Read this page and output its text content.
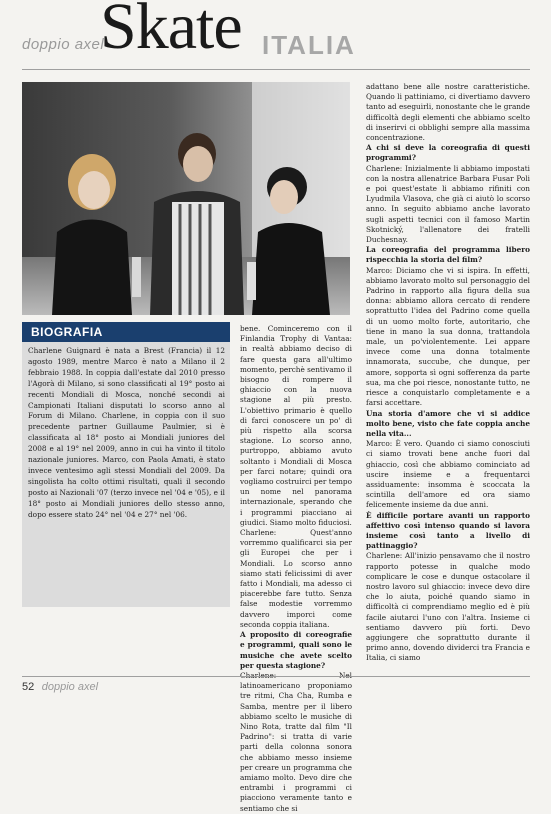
doppio axel
Skate ITALIA
BIOGRAFIA
Charlene Guignard è nata a Brest (Francia) il 12 agosto 1989, mentre Marco è nato a Milano il 2 febbraio 1988. In coppia dall'estate dal 2010 presso l'Agorà di Milano, si sono classificati al 19° posto ai recenti Mondiali di Mosca, nonché secondi ai Campionati Italiani disputati lo scorso anno al Forum di Milano. Charlene, in coppia con il suo precedente partner Guillaume Paulmier, si è classificata al 18° posto ai Mondiali juniores del 2008 e al 19° nel 2009, anno in cui ha vinto il titolo nazionale juniores. Marco, con Paola Amati, è stato invece ventesimo agli stessi Mondiali del 2009. Da singolista ha colto ottimi risultati, quali il secondo posto ai Nazionali '07 (terzo invece nel '04 e '05), e il 18° posto ai Mondiali juniores dello stesso anno, dopo essere stato 24° nel '04 e 27° nel '06.

bene. Cominceremo con il Finlandia Trophy di Vantaa: in realtà abbiamo deciso di fare questa gara all'ultimo momento, perchè sentivamo il bisogno di rompere il ghiaccio con la nuova stagione al più presto. L'obiettivo primario è quello di farci conoscere un po' di più rispetto alla scorsa stagione. Lo scorso anno, purtroppo, abbiamo avuto soltanto i Mondiali di Mosca per farci notare; quindi ora vogliamo costruirci per tempo un nome nel panorama internazionale, sperando che i programmi piacciano ai giudici. Siamo molto fiduciosi.

Charlene: Quest'anno vorremmo qualificarci sia per gli Europei che per i Mondiali. Lo scorso anno siamo stati felicissimi di aver fatto i Mondiali, ma adesso ci piacerebbe fare tutto. Senza false modestie vorremmo davvero imporci come seconda coppia italiana.

A proposito di coreografie e programmi, quali sono le musiche che avete scelto per questa stagione?

latinoamericano proponiamo tre ritmi, Cha Cha, Rumba e Samba, mentre per il libero abbiamo scelto le musiche di Nino Rota, tratte dal film "Il Padrino": si tratta di varie parti della colonna sonora che abbiamo messo insieme per creare un programma che amiamo molto. Devo dire che entrambi i programmi ci piacciono veramente tanto e sentiamo che si

adattano bene alle nostre caratteristiche. Quando li pattiniamo, ci divertiamo davvero tanto ad eseguirli, nonostante che le grande difficoltà degli elementi che abbiamo scelto di inserirvi ci obblighi sempre alla massima concentrazione.

A chi si deve la coreografia di questi programmi?

Charlene: Inizialmente li abbiamo impostati con la nostra allenatrice Barbara Fusar Poli e poi quest'estate li abbiamo rifiniti con Lyudmila Vlasova, che già ci aiutò lo scorso anno. In seguito abbiamo anche lavorato sugli aspetti tecnici con il famoso Martin Skotnický, l'allenatore dei fratelli Duchesnay.

La coreografia del programma libero rispecchia la storia del film?

Marco: Diciamo che vi si ispira. In effetti, abbiamo lavorato molto sul personaggio del Padrino in rapporto alla figura della sua donna: abbiamo allora cercato di rendere soprattutto l'idea del Padrino come quella di un uomo molto forte, autoritario, che tiene in mano la sua donna, trattandola male, un po'violentemente. Lei appare invece come una donna totalmente innamorata, succube, che dunque, per amore, sopporta sì ogni sofferenza da parte sua, ma che poi riesce, nonostante tutto, ne riesce a conquistarlo completamente e a farsi accettare.

Una storia d'amore che vi si addice molto bene, visto che fate coppia anche nella vita...

Marco: È vero. Quando ci siamo conosciuti ci siamo trovati bene anche fuori dal ghiaccio, così che abbiamo cominciato ad uscire insieme e a frequentarci assiduamente: insomma è scoccata la scintilla dell'amore ed ora siamo felicemente insieme da due anni.

È difficile portare avanti un rapporto affettivo così intenso quando si lavora insieme così tanto a livello di pattinaggio?

Charlene: All'inizio pensavamo che il nostro rapporto potesse in qualche modo complicare le cose e dunque ostacolare il nostro lavoro sul ghiaccio: invece devo dire che lo aiuta, poiché quando siamo in difficoltà ci comprendiamo meglio ed è più facile aiutarci l'uno con l'altra. Insieme ci sentiamo davvero più forti. Devo aggiungere che soprattutto durante il primo anno, dovendo dividerci tra Francia e Italia, ci siamo

52 doppio axel
